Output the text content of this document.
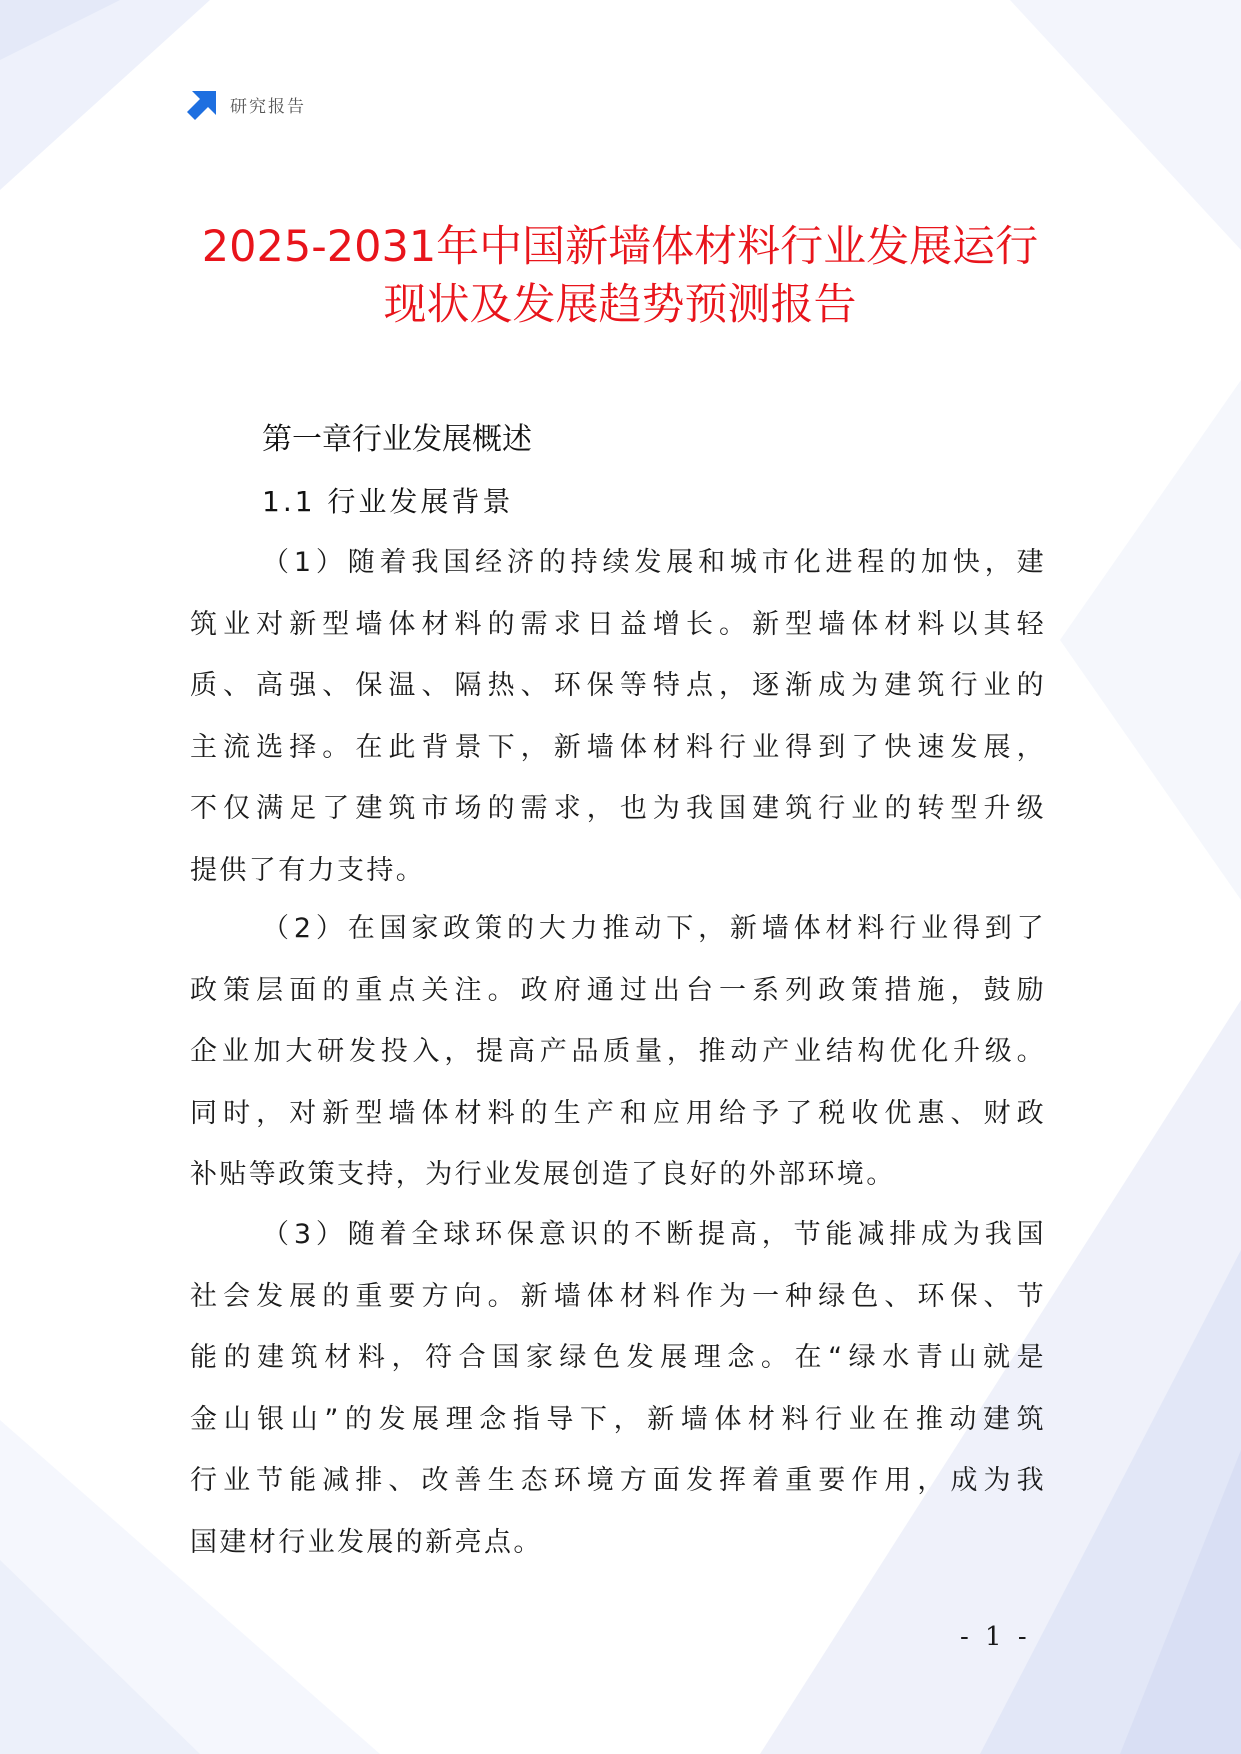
研究报告
2025-2031年中国新墙体材料行业发展运行
现状及发展趋势预测报告
第一章行业发展概述
1.1 行业发展背景
（1）随着我国经济的持续发展和城市化进程的加快，建
筑业对新型墙体材料的需求日益增长。新型墙体材料以其轻
质、高强、保温、隔热、环保等特点，逐渐成为建筑行业的
主流选择。在此背景下，新墙体材料行业得到了快速发展，
不仅满足了建筑市场的需求，也为我国建筑行业的转型升级
提供了有力支持。
（2）在国家政策的大力推动下，新墙体材料行业得到了
政策层面的重点关注。政府通过出台一系列政策措施，鼓励
企业加大研发投入，提高产品质量，推动产业结构优化升级。
同时，对新型墙体材料的生产和应用给予了税收优惠、财政
补贴等政策支持，为行业发展创造了良好的外部环境。
（3）随着全球环保意识的不断提高，节能减排成为我国
社会发展的重要方向。新墙体材料作为一种绿色、环保、节
能的建筑材料，符合国家绿色发展理念。在“绿水青山就是
金山银山”的发展理念指导下，新墙体材料行业在推动建筑
行业节能减排、改善生态环境方面发挥着重要作用，成为我
国建材行业发展的新亮点。
- 1 -
